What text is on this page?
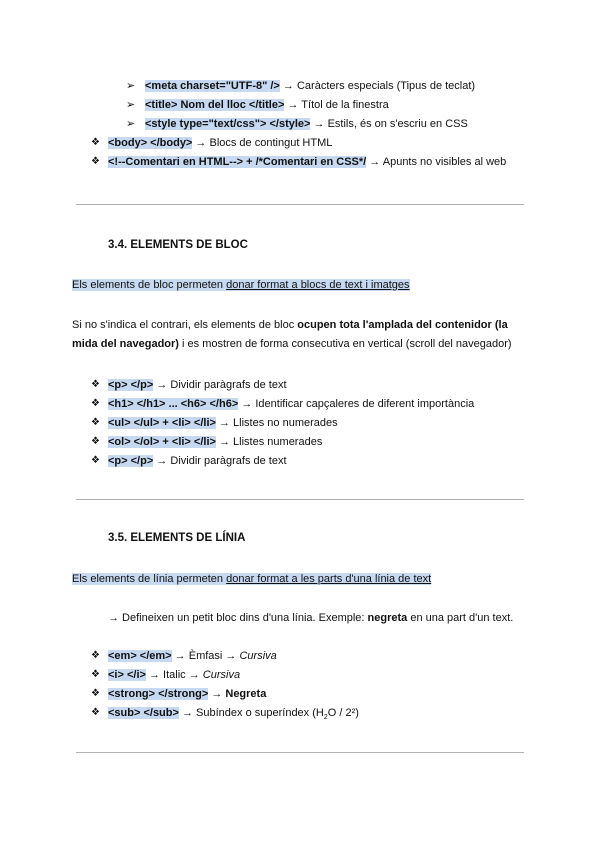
➢ <meta charset="UTF-8" /> → Caràcters especials (Tipus de teclat)
➢ <title> Nom del lloc </title> → Títol de la finestra
➢ <style type="text/css"> </style> → Estils, és on s'escriu en CSS
❖ <body> </body> → Blocs de contingut HTML
❖ <!--Comentari en HTML--> + /*Comentari en CSS*/ → Apunts no visibles al web
3.4. ELEMENTS DE BLOC
Els elements de bloc permeten donar format a blocs de text i imatges
Si no s'indica el contrari, els elements de bloc ocupen tota l'amplada del contenidor (la mida del navegador) i es mostren de forma consecutiva en vertical (scroll del navegador)
❖ <p> </p> → Dividir paràgrafs de text
❖ <h1> </h1> ... <h6> </h6> → Identificar capçaleres de diferent importància
❖ <ul> </ul> + <li> </li> → Llistes no numerades
❖ <ol> </ol> + <li> </li> → Llistes numerades
❖ <p> </p> → Dividir paràgrafs de text
3.5. ELEMENTS DE LÍNIA
Els elements de línia permeten donar format a les parts d'una línia de text
→ Defineixen un petit bloc dins d'una línia. Exemple: negreta en una part d'un text.
❖ <em> </em> → Èmfasi → Cursiva
❖ <i> </i> → Italic → Cursiva
❖ <strong> </strong> → Negreta
❖ <sub> </sub> → Subíndex o superíndex $(H_2O / 2^2)$
